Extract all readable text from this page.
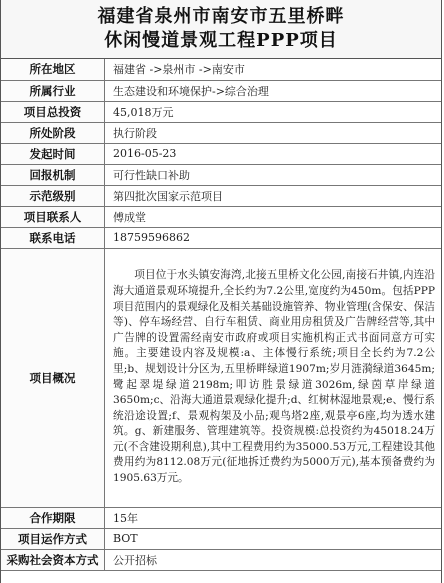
福建省泉州市南安市五里桥畔
休闲慢道景观工程PPP项目
所在地区	福建省 ->泉州市 ->南安市
所属行业	生态建设和环境保护->综合治理
项目总投资	45,018万元
所处阶段	执行阶段
发起时间	2016-05-23
回报机制	可行性缺口补助
示范级别	第四批次国家示范项目
项目联系人	傅成堂
联系电话	18759596862
项目概况	项目位于水头镇安海湾,北接五里桥文化公园,南接石井镇,内连沿海大通道景观环境提升,全长约为7.2公里,宽度约为450m。包括PPP项目范围内的景观绿化及相关基础设施管养、物业管理(含保安、保洁等)、停车场经营、自行车租赁、商业用房租赁及广告牌经营等,其中广告牌的设置需经南安市政府或项目实施机构正式书面同意方可实施。主要建设内容及规模:a、主体慢行系统;项目全长约为7.2公里;b、规划设计分区为,五里桥畔绿道1907m;岁月涟漪绿道3645m;鹭起翠堤绿道2198m;叩访胜景绿道3026m,绿茵草岸绿道3650m;c、沿海大通道景观绿化提升;d、红树林湿地景观;e、慢行系统沿途设置;f、景观构架及小品;观鸟塔2座,观景亭6座,均为透水建筑。g、新建服务、管理建筑等。投资规模:总投资约为45018.24万元(不含建设期利息),其中工程费用约为35000.53万元,工程建设其他费用约为8112.08万元(征地拆迁费约为5000万元),基本预备费约为1905.63万元。

合作期限	15年
项目运作方式	BOT
采购社会资本方式	公开招标
